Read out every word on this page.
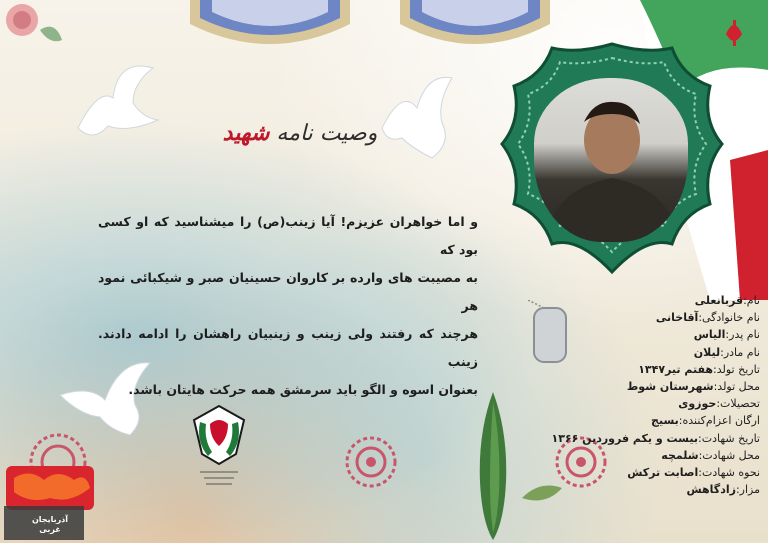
وصیت نامه شهید

و اما خواهران عزیزم! آیا زینب(ص) را میشناسید که او کسی بود که

به مصیبت های وارده بر کاروان حسینیان صبر و شیکبائی نمود هر

هرچند که رفتند ولی زینب و زینبیان راهشان را ادامه دادند. زینب

بعنوان اسوه و الگو باید سرمشق همه حرکت هایتان باشد.

نام:قربانعلی
نام خانوادگی:آقاخانی
نام پدر:الیاس
نام مادر:لیلان
تاریخ تولد:هفتم تیر۱۳۴۷
محل تولد:شهرستان شوط
تحصیلات:حوزوی
ارگان اعزام‌کننده:بسیج
تاریخ شهادت:بیست و یکم فروردین ۱۳۶۶
محل شهادت:شلمچه
نحوه شهادت:اصابت ترکش
مزار:زادگاهش
آذربایجان
غربی
